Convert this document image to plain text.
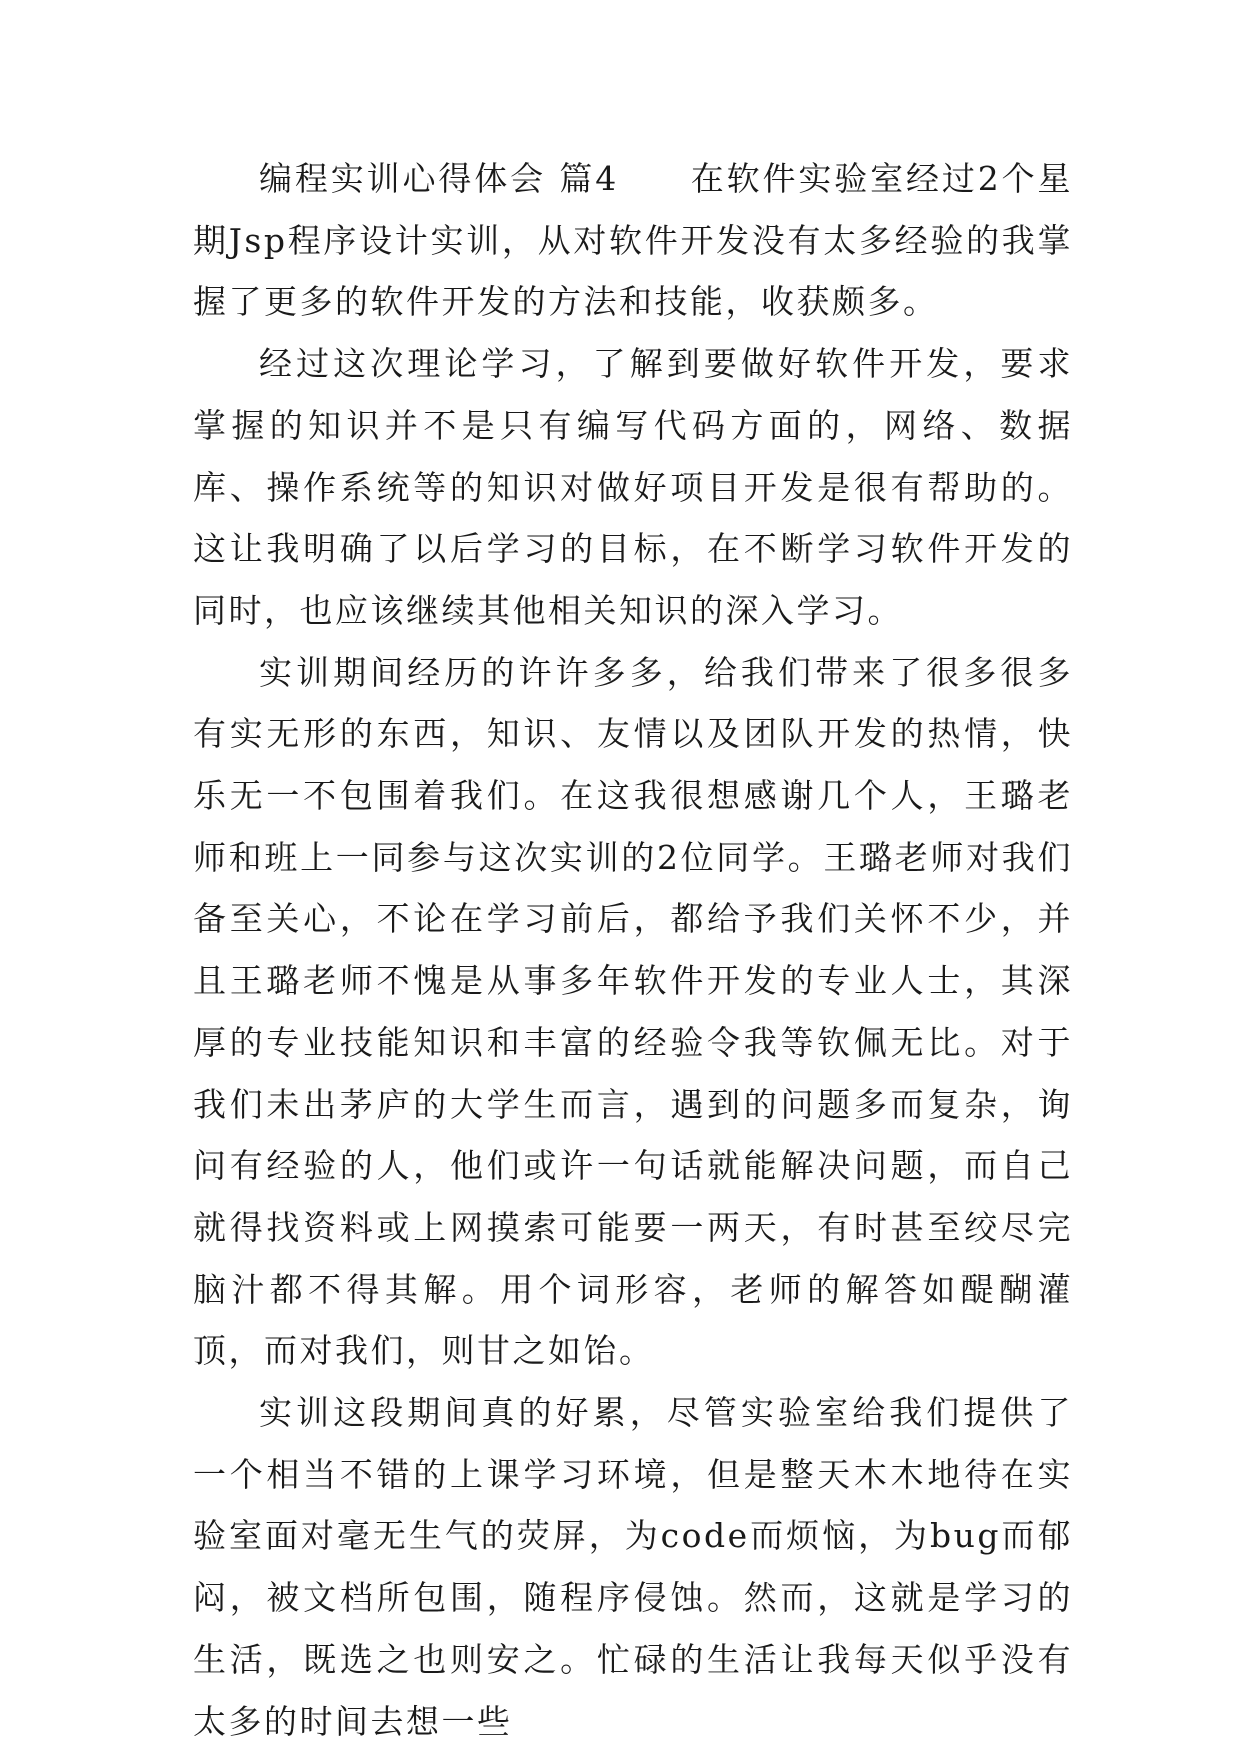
编程实训心得体会 篇4　　在软件实验室经过2个星期Jsp程序设计实训，从对软件开发没有太多经验的我掌握了更多的软件开发的方法和技能，收获颇多。

经过这次理论学习，了解到要做好软件开发，要求掌握的知识并不是只有编写代码方面的，网络、数据库、操作系统等的知识对做好项目开发是很有帮助的。这让我明确了以后学习的目标，在不断学习软件开发的同时，也应该继续其他相关知识的深入学习。

实训期间经历的许许多多，给我们带来了很多很多有实无形的东西，知识、友情以及团队开发的热情，快乐无一不包围着我们。在这我很想感谢几个人，王璐老师和班上一同参与这次实训的2位同学。王璐老师对我们备至关心，不论在学习前后，都给予我们关怀不少，并且王璐老师不愧是从事多年软件开发的专业人士，其深厚的专业技能知识和丰富的经验令我等钦佩无比。对于我们未出茅庐的大学生而言，遇到的问题多而复杂，询问有经验的人，他们或许一句话就能解决问题，而自己就得找资料或上网摸索可能要一两天，有时甚至绞尽完脑汁都不得其解。用个词形容，老师的解答如醍醐灌顶，而对我们，则甘之如饴。

实训这段期间真的好累，尽管实验室给我们提供了一个相当不错的上课学习环境，但是整天木木地待在实验室面对毫无生气的荧屏，为code而烦恼，为bug而郁闷，被文档所包围，随程序侵蚀。然而，这就是学习的生活，既选之也则安之。忙碌的生活让我每天似乎没有太多的时间去想一些
